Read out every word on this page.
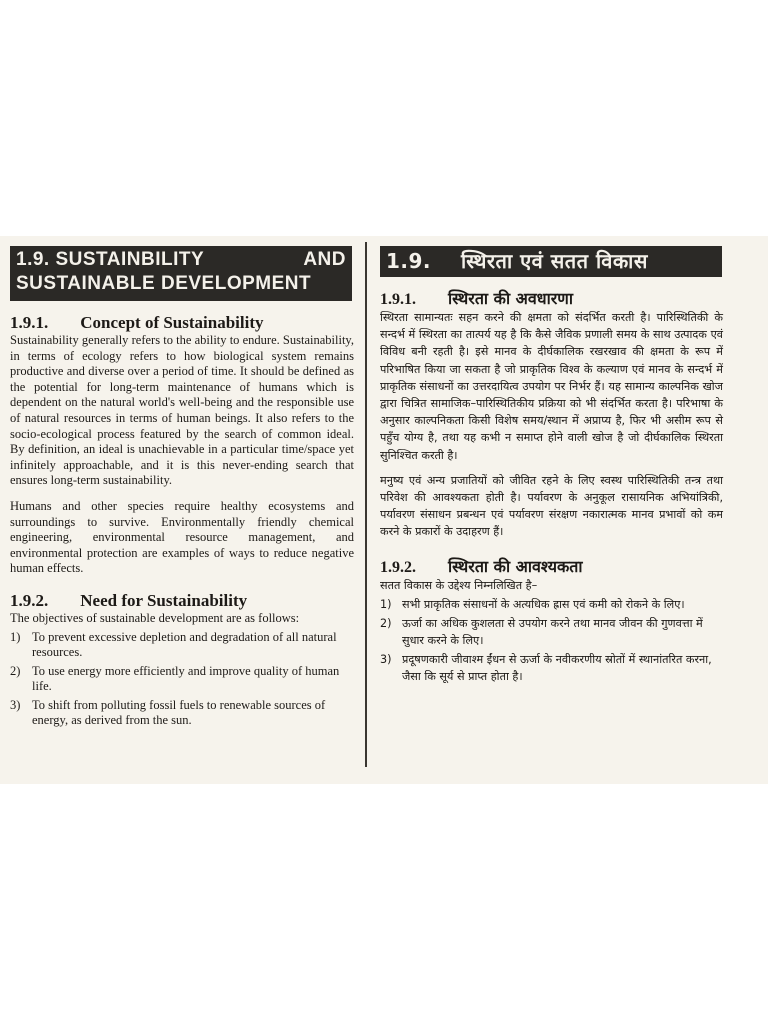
1.9. SUSTAINBILITY	AND
SUSTAINABLE DEVELOPMENT
1.9.1. Concept of Sustainability

Sustainability generally refers to the ability to endure. Sustainability, in terms of ecology refers to how biological system remains productive and diverse over a period of time. It should be defined as the potential for long-term maintenance of humans which is dependent on the natural world's well-being and the responsible use of natural resources in terms of human beings. It also refers to the socio-ecological process featured by the search of common ideal. By definition, an ideal is unachievable in a particular time/space yet infinitely approachable, and it is this never-ending search that ensures long-term sustainability.

Humans and other species require healthy ecosystems and surroundings to survive. Environmentally friendly chemical engineering, environmental resource management, and environmental protection are examples of ways to reduce negative human effects.

1.9.2. Need for Sustainability

The objectives of sustainable development are as follows:

1) To prevent excessive depletion and degradation of all natural resources.
2) To use energy more efficiently and improve quality of human life.
3) To shift from polluting fossil fuels to renewable sources of energy, as derived from the sun.
1.9. स्थिरता एवं सतत विकास
1.9.1. स्थिरता की अवधारणा

स्थिरता सामान्यतः सहन करने की क्षमता को संदर्भित करती है। पारिस्थितिकी के सन्दर्भ में स्थिरता का तात्पर्य यह है कि कैसे जैविक प्रणाली समय के साथ उत्पादक एवं विविध बनी रहती है। इसे मानव के दीर्घकालिक रखरखाव की क्षमता के रूप में परिभाषित किया जा सकता है जो प्राकृतिक विश्व के कल्याण एवं मानव के सन्दर्भ में प्राकृतिक संसाधनों का उत्तरदायित्व उपयोग पर निर्भर हैं। यह सामान्य काल्पनिक खोज द्वारा चित्रित सामाजिक–पारिस्थितिकीय प्रक्रिया को भी संदर्भित करता है। परिभाषा के अनुसार काल्पनिकता किसी विशेष समय/स्थान में अप्राप्य है, फिर भी असीम रूप से पहुँच योग्य है, तथा यह कभी न समाप्त होने वाली खोज है जो दीर्घकालिक स्थिरता सुनिश्चित करती है।

मनुष्य एवं अन्य प्रजातियों को जीवित रहने के लिए स्वस्थ पारिस्थितिकी तन्त्र तथा परिवेश की आवश्यकता होती है। पर्यावरण के अनुकूल रासायनिक अभियांत्रिकी, पर्यावरण संसाधन प्रबन्धन एवं पर्यावरण संरक्षण नकारात्मक मानव प्रभावों को कम करने के प्रकारों के उदाहरण हैं।

1.9.2. स्थिरता की आवश्यकता

सतत विकास के उद्देश्य निम्नलिखित है–

1) सभी प्राकृतिक संसाधनों के अत्यधिक ह्रास एवं कमी को रोकने के लिए।
2) ऊर्जा का अधिक कुशलता से उपयोग करने तथा मानव जीवन की गुणवत्ता में सुधार करने के लिए।
3) प्रदूषणकारी जीवाश्म ईंधन से ऊर्जा के नवीकरणीय स्रोतों में स्थानांतरित करना, जैसा कि सूर्य से प्राप्त होता है।
